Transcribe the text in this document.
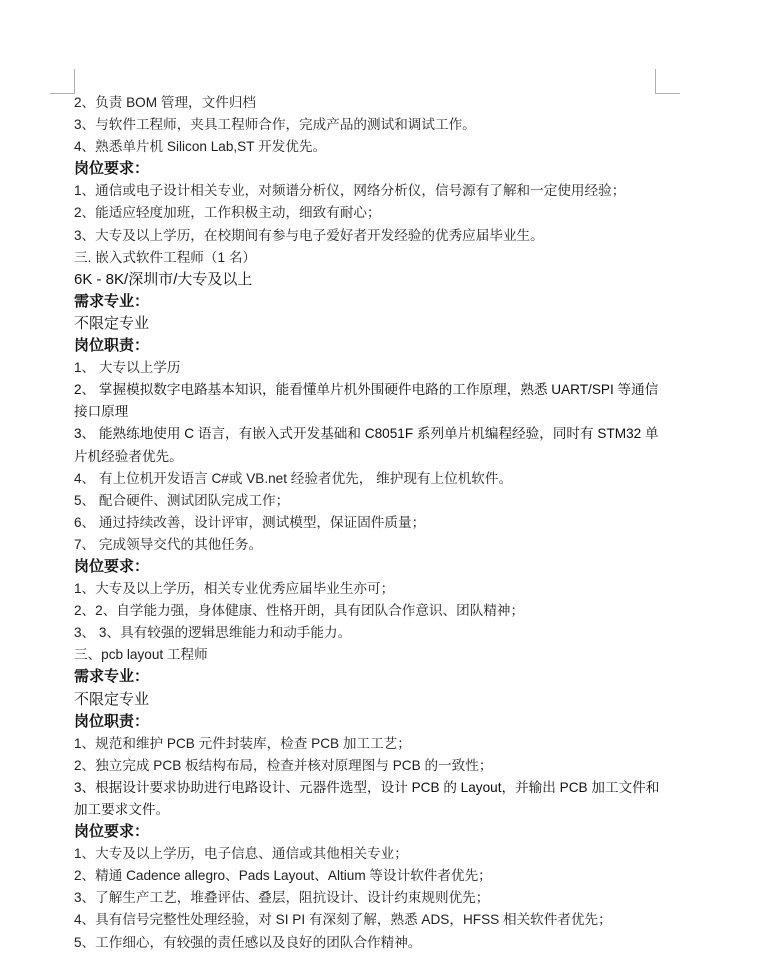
2、负责 BOM 管理，文件归档
3、与软件工程师，夹具工程师合作，完成产品的测试和调试工作。
4、熟悉单片机 Silicon Lab,ST 开发优先。
岗位要求：
1、通信或电子设计相关专业，对频谱分析仪，网络分析仪，信号源有了解和一定使用经验；
2、能适应轻度加班，工作积极主动，细致有耐心；
3、大专及以上学历，在校期间有参与电子爱好者开发经验的优秀应届毕业生。
三. 嵌入式软件工程师（1 名）
6K - 8K/深圳市/大专及以上
需求专业：
不限定专业
岗位职责：
1、 大专以上学历
2、 掌握模拟数字电路基本知识，能看懂单片机外围硬件电路的工作原理，熟悉 UART/SPI 等通信接口原理
3、 能熟练地使用 C 语言，有嵌入式开发基础和 C8051F 系列单片机编程经验，同时有 STM32 单片机经验者优先。
4、 有上位机开发语言 C#或 VB.net 经验者优先， 维护现有上位机软件。
5、 配合硬件、测试团队完成工作；
6、 通过持续改善，设计评审，测试模型，保证固件质量；
7、 完成领导交代的其他任务。
岗位要求：
1、大专及以上学历，相关专业优秀应届毕业生亦可；
2、2、自学能力强，身体健康、性格开朗，具有团队合作意识、团队精神；
3、 3、具有较强的逻辑思维能力和动手能力。
三、pcb layout 工程师
需求专业：
不限定专业
岗位职责：
1、规范和维护 PCB 元件封装库，检查 PCB 加工工艺；
2、独立完成 PCB 板结构布局，检查并核对原理图与 PCB 的一致性；
3、根据设计要求协助进行电路设计、元器件选型，设计 PCB 的 Layout，并输出 PCB 加工文件和加工要求文件。
岗位要求：
1、大专及以上学历，电子信息、通信或其他相关专业；
2、精通 Cadence allegro、Pads Layout、Altium 等设计软件者优先；
3、了解生产工艺，堆叠评估、叠层，阻抗设计、设计约束规则优先；
4、具有信号完整性处理经验，对 SI PI 有深刻了解，熟悉 ADS，HFSS 相关软件者优先；
5、工作细心，有较强的责任感以及良好的团队合作精神。
